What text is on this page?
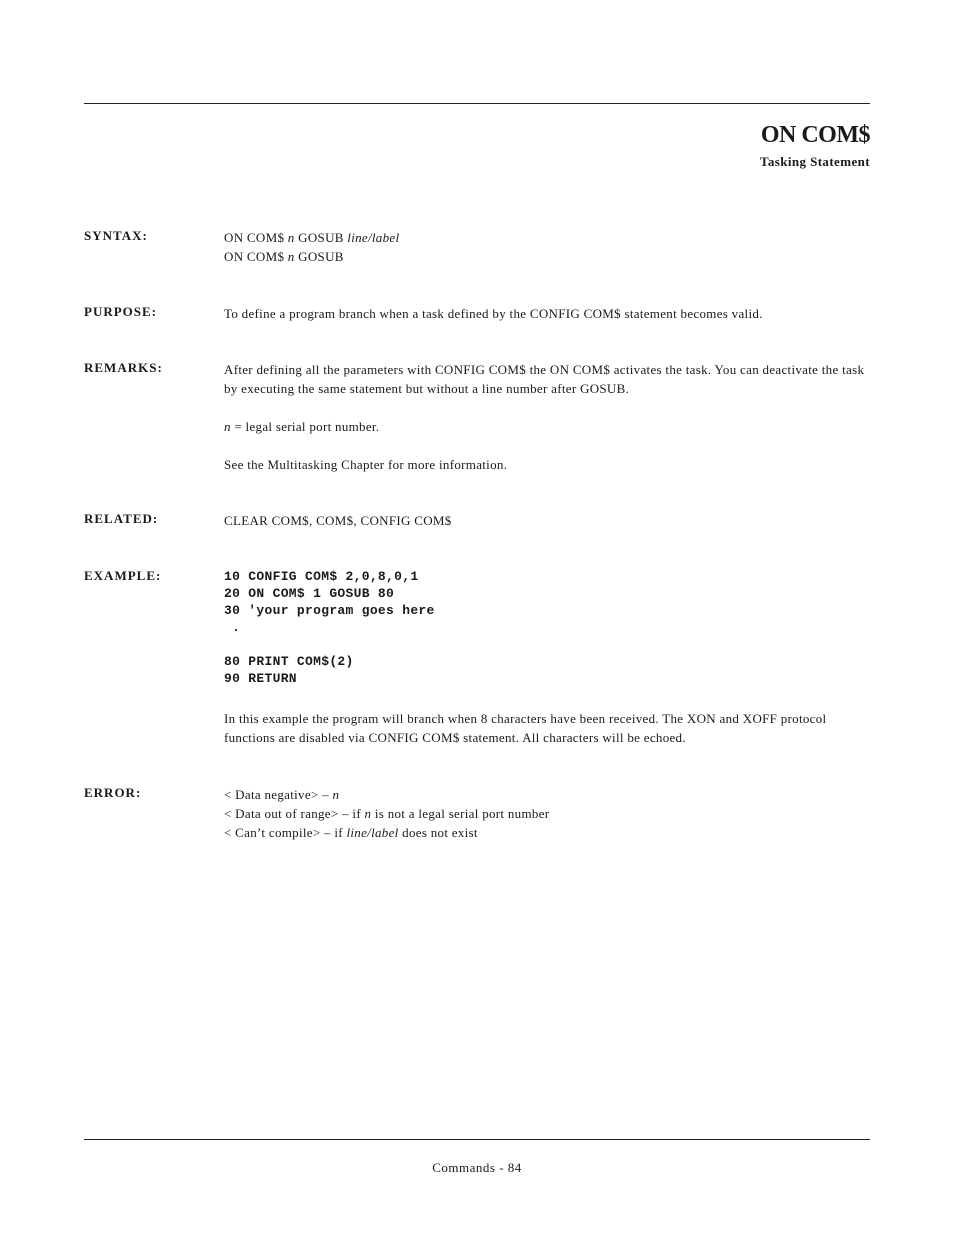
ON COM$
Tasking Statement
SYNTAX:	ON COM$ n GOSUB line/label

ON COM$ n GOSUB

PURPOSE:	To define a program branch when a task defined by the CONFIG COM$ statement becomes valid.

REMARKS:	After defining all the parameters with CONFIG COM$ the ON COM$ activates the task. You can deactivate the task by executing the same statement but without a line number after GOSUB.

n = legal serial port number.

See the Multitasking Chapter for more information.

RELATED:	CLEAR COM$, COM$, CONFIG COM$

EXAMPLE:	10 CONFIG COM$ 2,0,8,0,1
20 ON COM$ 1 GOSUB 80
30 'your program goes here
.

80 PRINT COM$(2)
90 RETURN

In this example the program will branch when 8 characters have been received. The XON and XOFF protocol functions are disabled via CONFIG COM$ statement. All characters will be echoed.

ERROR:	< Data negative> – n

< Data out of range> – if n is not a legal serial port number

< Can’t compile> – if line/label does not exist

Commands - 84
